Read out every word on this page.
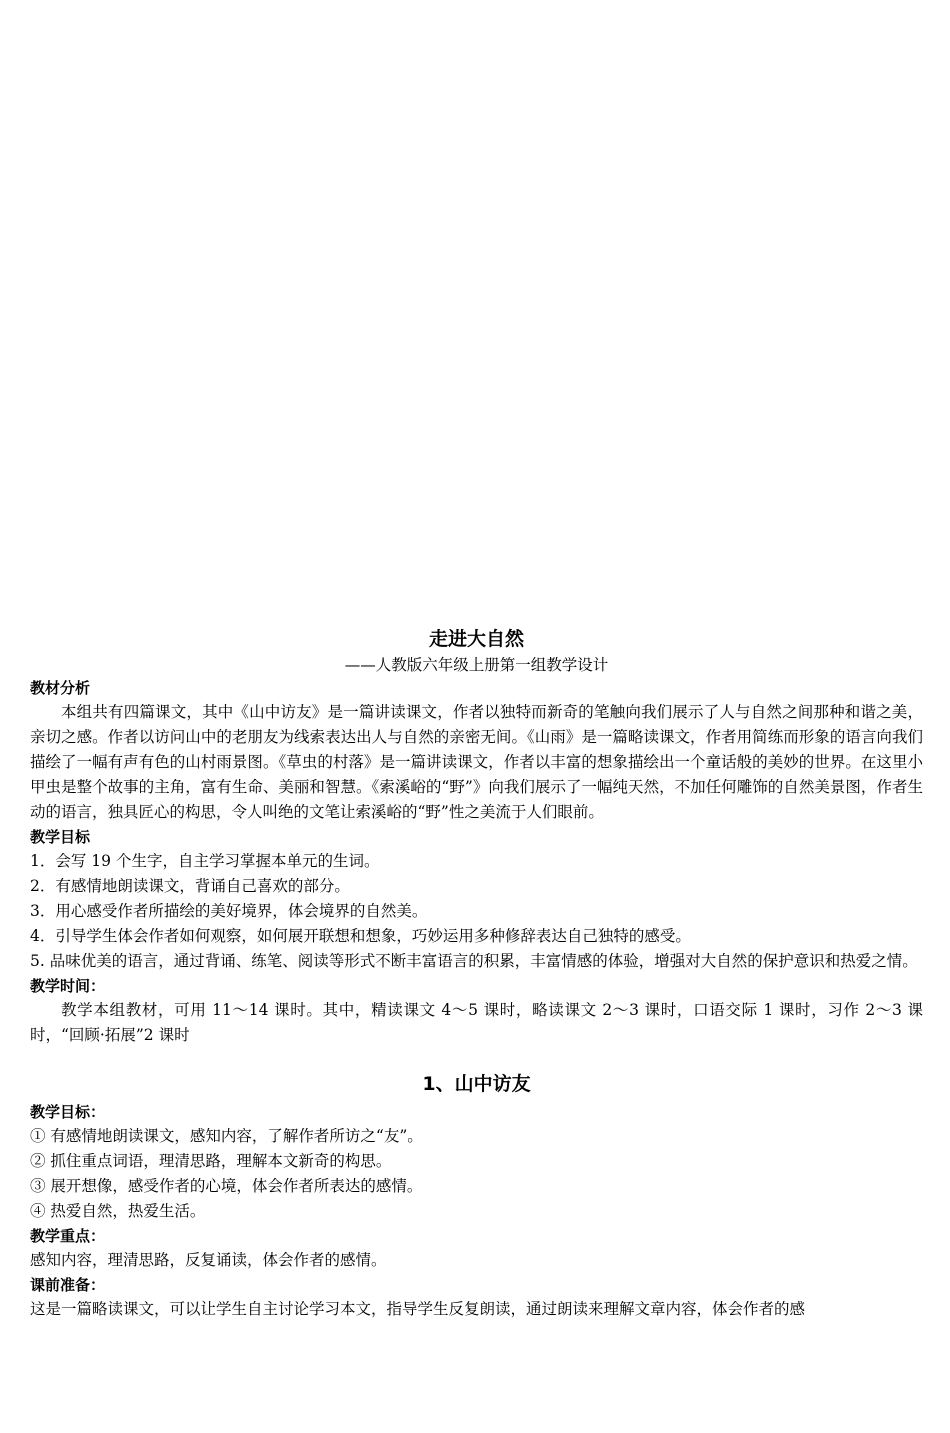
走进大自然

——人教版六年级上册第一组教学设计

教材分析

本组共有四篇课文，其中《山中访友》是一篇讲读课文，作者以独特而新奇的笔触向我们展示了人与自然之间那种和谐之美，亲切之感。作者以访问山中的老朋友为线索表达出人与自然的亲密无间。《山雨》是一篇略读课文，作者用简练而形象的语言向我们描绘了一幅有声有色的山村雨景图。《草虫的村落》是一篇讲读课文，作者以丰富的想象描绘出一个童话般的美妙的世界。在这里小甲虫是整个故事的主角，富有生命、美丽和智慧。《索溪峪的“野”》向我们展示了一幅纯天然，不加任何雕饰的自然美景图，作者生动的语言，独具匠心的构思，令人叫绝的文笔让索溪峪的“野”性之美流于人们眼前。

教学目标

1．会写 19 个生字，自主学习掌握本单元的生词。

2．有感情地朗读课文，背诵自己喜欢的部分。

3．用心感受作者所描绘的美好境界，体会境界的自然美。

4．引导学生体会作者如何观察，如何展开联想和想象，巧妙运用多种修辞表达自己独特的感受。

5. 品味优美的语言，通过背诵、练笔、阅读等形式不断丰富语言的积累，丰富情感的体验，增强对大自然的保护意识和热爱之情。

教学时间：

教学本组教材，可用 11～14 课时。其中，精读课文 4～5 课时，略读课文 2～3 课时，口语交际 1 课时，习作 2～3 课时，“回顾·拓展”2 课时

1、山中访友

教学目标：

① 有感情地朗读课文，感知内容，了解作者所访之“友”。

② 抓住重点词语，理清思路，理解本文新奇的构思。

③ 展开想像，感受作者的心境，体会作者所表达的感情。

④ 热爱自然，热爱生活。

教学重点：

感知内容，理清思路，反复诵读，体会作者的感情。

课前准备：

这是一篇略读课文，可以让学生自主讨论学习本文，指导学生反复朗读，通过朗读来理解文章内容，体会作者的感
